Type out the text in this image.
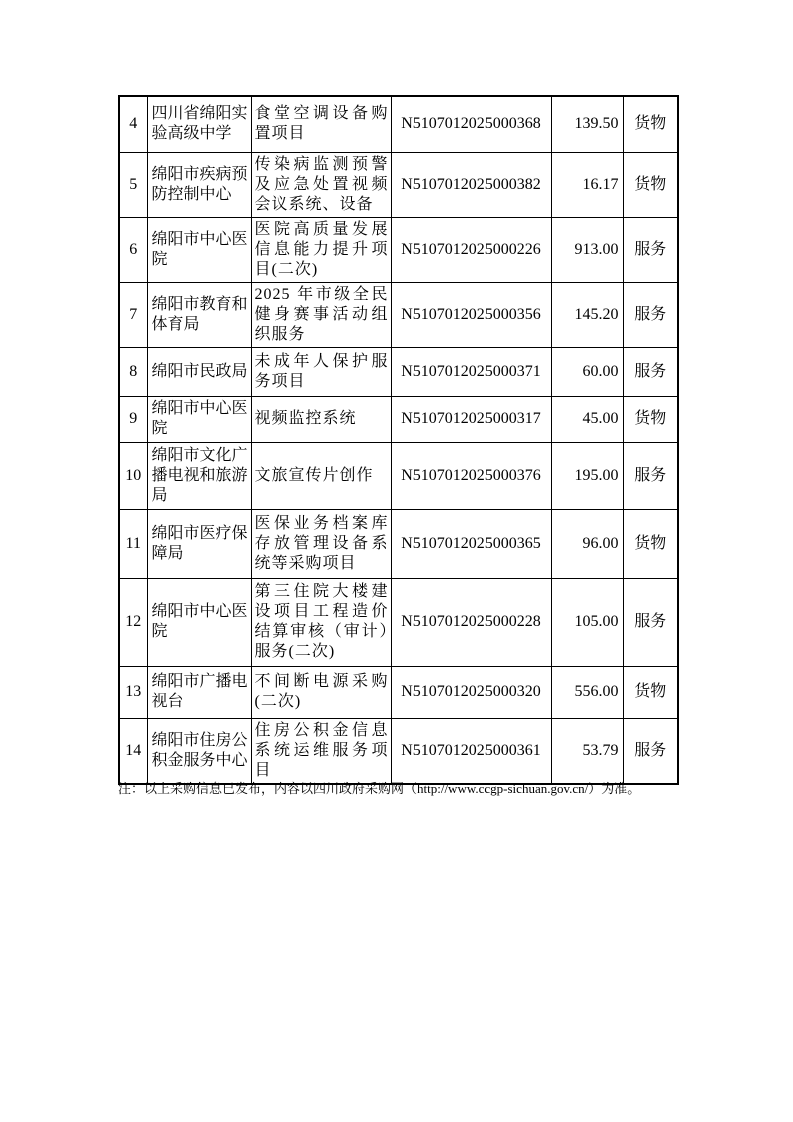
4	四川省绵阳实验高级中学	食堂空调设备购置项目	N5107012025000368	139.50	货物
5	绵阳市疾病预防控制中心	传染病监测预警及应急处置视频会议系统、设备	N5107012025000382	16.17	货物
6	绵阳市中心医院	医院高质量发展信息能力提升项目(二次)	N5107012025000226	913.00	服务
7	绵阳市教育和体育局	2025 年市级全民健身赛事活动组织服务	N5107012025000356	145.20	服务
8	绵阳市民政局	未成年人保护服务项目	N5107012025000371	60.00	服务
9	绵阳市中心医院	视频监控系统	N5107012025000317	45.00	货物
10	绵阳市文化广播电视和旅游局	文旅宣传片创作	N5107012025000376	195.00	服务
11	绵阳市医疗保障局	医保业务档案库存放管理设备系统等采购项目	N5107012025000365	96.00	货物
12	绵阳市中心医院	第三住院大楼建设项目工程造价结算审核（审计）服务(二次)	N5107012025000228	105.00	服务
13	绵阳市广播电视台	不间断电源采购(二次)	N5107012025000320	556.00	货物
14	绵阳市住房公积金服务中心	住房公积金信息系统运维服务项目	N5107012025000361	53.79	服务
注：以上采购信息已发布，内容以四川政府采购网（http://www.ccgp-sichuan.gov.cn/）为准。
